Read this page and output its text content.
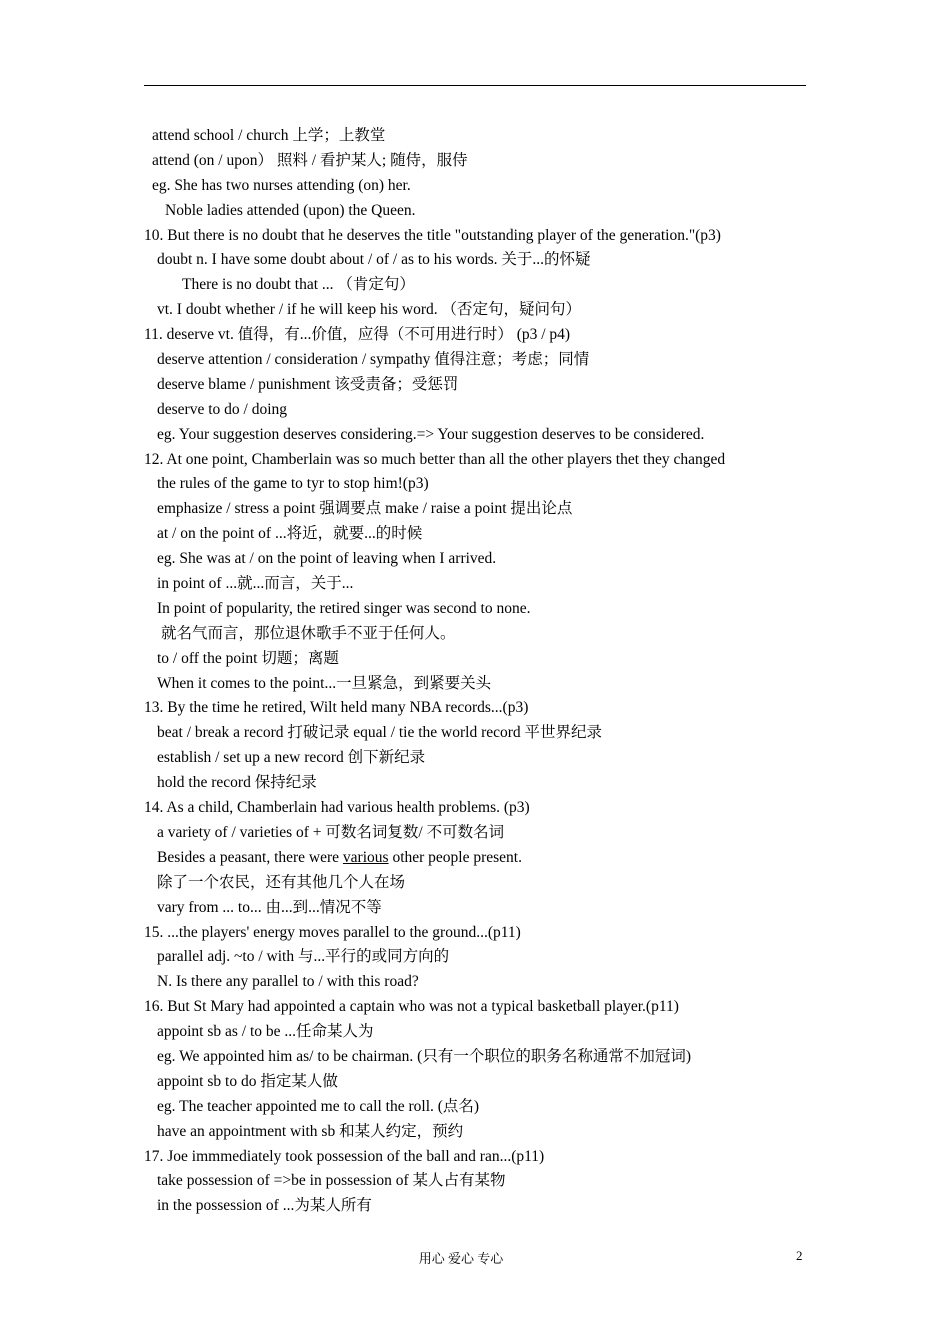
attend school / church 上学；上教堂
attend (on / upon） 照料 / 看护某人; 随侍，服侍
eg. She has two nurses attending (on) her.
Noble ladies attended (upon) the Queen.
10. But there is no doubt that he deserves the title "outstanding player of the generation."(p3)
doubt n. I have some doubt about / of / as to his words. 关于...的怀疑
There is no doubt that ... （肯定句）
vt. I doubt whether / if he will keep his word. （否定句，疑问句）
11. deserve vt. 值得，有...价值，应得（不可用进行时） (p3 / p4)
deserve attention / consideration / sympathy 值得注意；考虑；同情
deserve blame / punishment 该受责备；受惩罚
deserve to do / doing
eg. Your suggestion deserves considering.=> Your suggestion deserves to be considered.
12. At one point, Chamberlain was so much better than all the other players thet they changed
the rules of the game to tyr to stop him!(p3)
emphasize / stress a point 强调要点 make / raise a point 提出论点
at / on the point of ...将近，就要...的时候
eg. She was at / on the point of leaving when I arrived.
in point of ...就...而言，关于...
In point of popularity, the retired singer was second to none.
就名气而言，那位退休歌手不亚于任何人。
to / off the point 切题；离题
When it comes to the point...一旦紧急，到紧要关头
13. By the time he retired, Wilt held many NBA records...(p3)
beat / break a record 打破记录 equal / tie the world record 平世界纪录
establish / set up a new record 创下新纪录
hold the record 保持纪录
14. As a child, Chamberlain had various health problems. (p3)
a variety of / varieties of + 可数名词复数/ 不可数名词
Besides a peasant, there were various other people present.
除了一个农民，还有其他几个人在场
vary from ... to... 由...到...情况不等
15. ...the players' energy moves parallel to the ground...(p11)
parallel adj. ~to / with 与...平行的或同方向的
N. Is there any parallel to / with this road?
16. But St Mary had appointed a captain who was not a typical basketball player.(p11)
appoint sb as / to be ...任命某人为
eg. We appointed him as/ to be chairman. (只有一个职位的职务名称通常不加冠词)
appoint sb to do 指定某人做
eg. The teacher appointed me to call the roll. (点名)
have an appointment with sb 和某人约定，预约
17. Joe immmediately took possession of the ball and ran...(p11)
take possession of =>be in possession of 某人占有某物
in the possession of ...为某人所有
用心 爱心 专心	2
